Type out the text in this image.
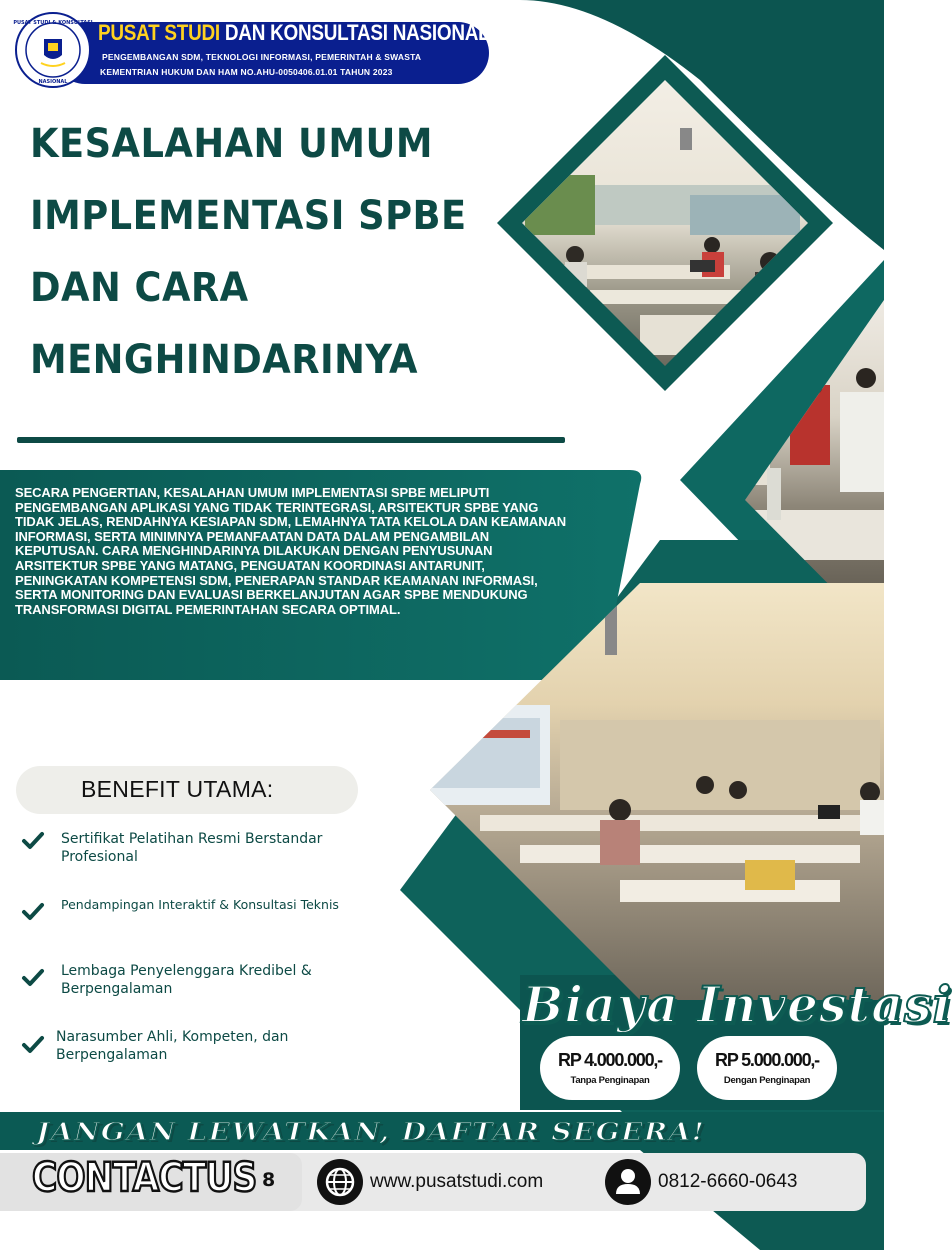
PUSAT STUDI & KONSULTASI
NASIONAL
PUSAT STUDI DAN KONSULTASI NASIONAL
PENGEMBANGAN SDM, TEKNOLOGI INFORMASI, PEMERINTAH & SWASTA
KEMENTRIAN HUKUM DAN HAM NO.AHU-0050406.01.01 TAHUN 2023
KESALAHAN UMUM
IMPLEMENTASI SPBE
DAN CARA
MENGHINDARINYA

SECARA PENGERTIAN, KESALAHAN UMUM IMPLEMENTASI SPBE MELIPUTI PENGEMBANGAN APLIKASI YANG TIDAK TERINTEGRASI, ARSITEKTUR SPBE YANG TIDAK JELAS, RENDAHNYA KESIAPAN SDM, LEMAHNYA TATA KELOLA DAN KEAMANAN INFORMASI, SERTA MINIMNYA PEMANFAATAN DATA DALAM PENGAMBILAN KEPUTUSAN. CARA MENGHINDARINYA DILAKUKAN DENGAN PENYUSUNAN ARSITEKTUR SPBE YANG MATANG, PENGUATAN KOORDINASI ANTARUNIT, PENINGKATAN KOMPETENSI SDM, PENERAPAN STANDAR KEAMANAN INFORMASI, SERTA MONITORING DAN EVALUASI BERKELANJUTAN AGAR SPBE MENDUKUNG TRANSFORMASI DIGITAL PEMERINTAHAN SECARA OPTIMAL.

BENEFIT UTAMA:
Sertifikat Pelatihan Resmi Berstandar
Profesional
Pendampingan Interaktif & Konsultasi Teknis
Lembaga Penyelenggara Kredibel &
Berpengalaman
Narasumber Ahli, Kompeten, dan
Berpengalaman
Biaya Investasi
RP 4.000.000,-
Tanpa Penginapan
RP 5.000.000,-
Dengan Penginapan
JANGAN LEWATKAN, DAFTAR SEGERA!
CONTACTUS 8	www.pusatstudi.com	0812-6660-0643
